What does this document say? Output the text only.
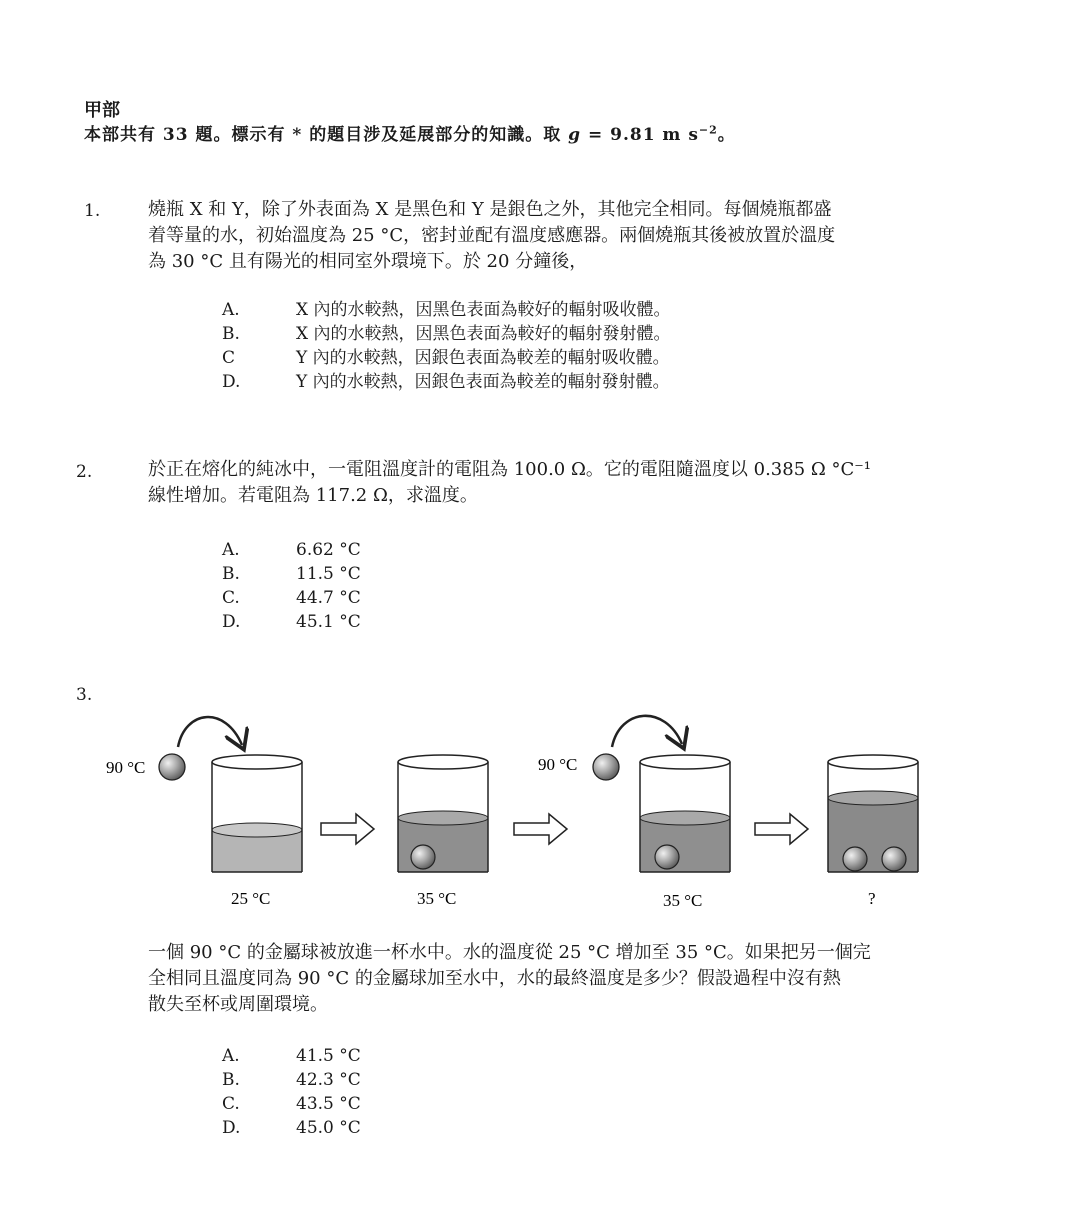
甲部
本部共有 33 題。標示有 * 的題目涉及延展部分的知識。取 g = 9.81 m $s^{-2}$。
1.	燒瓶 X 和 Y，除了外表面為 X 是黑色和 Y 是銀色之外，其他完全相同。每個燒瓶都盛
着等量的水，初始溫度為 25 °C，密封並配有溫度感應器。兩個燒瓶其後被放置於溫度
為 30 °C 且有陽光的相同室外環境下。於 20 分鐘後，
A.	X 內的水較熱，因黑色表面為較好的輻射吸收體。
B.	X 內的水較熱，因黑色表面為較好的輻射發射體。
C	Y 內的水較熱，因銀色表面為較差的輻射吸收體。
D.	Y 內的水較熱，因銀色表面為較差的輻射發射體。
2.	於正在熔化的純冰中，一電阻溫度計的電阻為 100.0 Ω。它的電阻隨溫度以 0.385 Ω °C⁻¹
線性增加。若電阻為 117.2 Ω，求溫度。
A.	6.62 °C
B.	11.5 °C
C.	44.7 °C
D.	45.1 °C
3.
90 °C
25 °C	35 °C
90 °C
35 °C	?
一個 90 °C 的金屬球被放進一杯水中。水的溫度從 25 °C 增加至 35 °C。如果把另一個完
全相同且溫度同為 90 °C 的金屬球加至水中，水的最終溫度是多少？假設過程中沒有熱
散失至杯或周圍環境。
A.	41.5 °C
B.	42.3 °C
C.	43.5 °C
D.	45.0 °C
